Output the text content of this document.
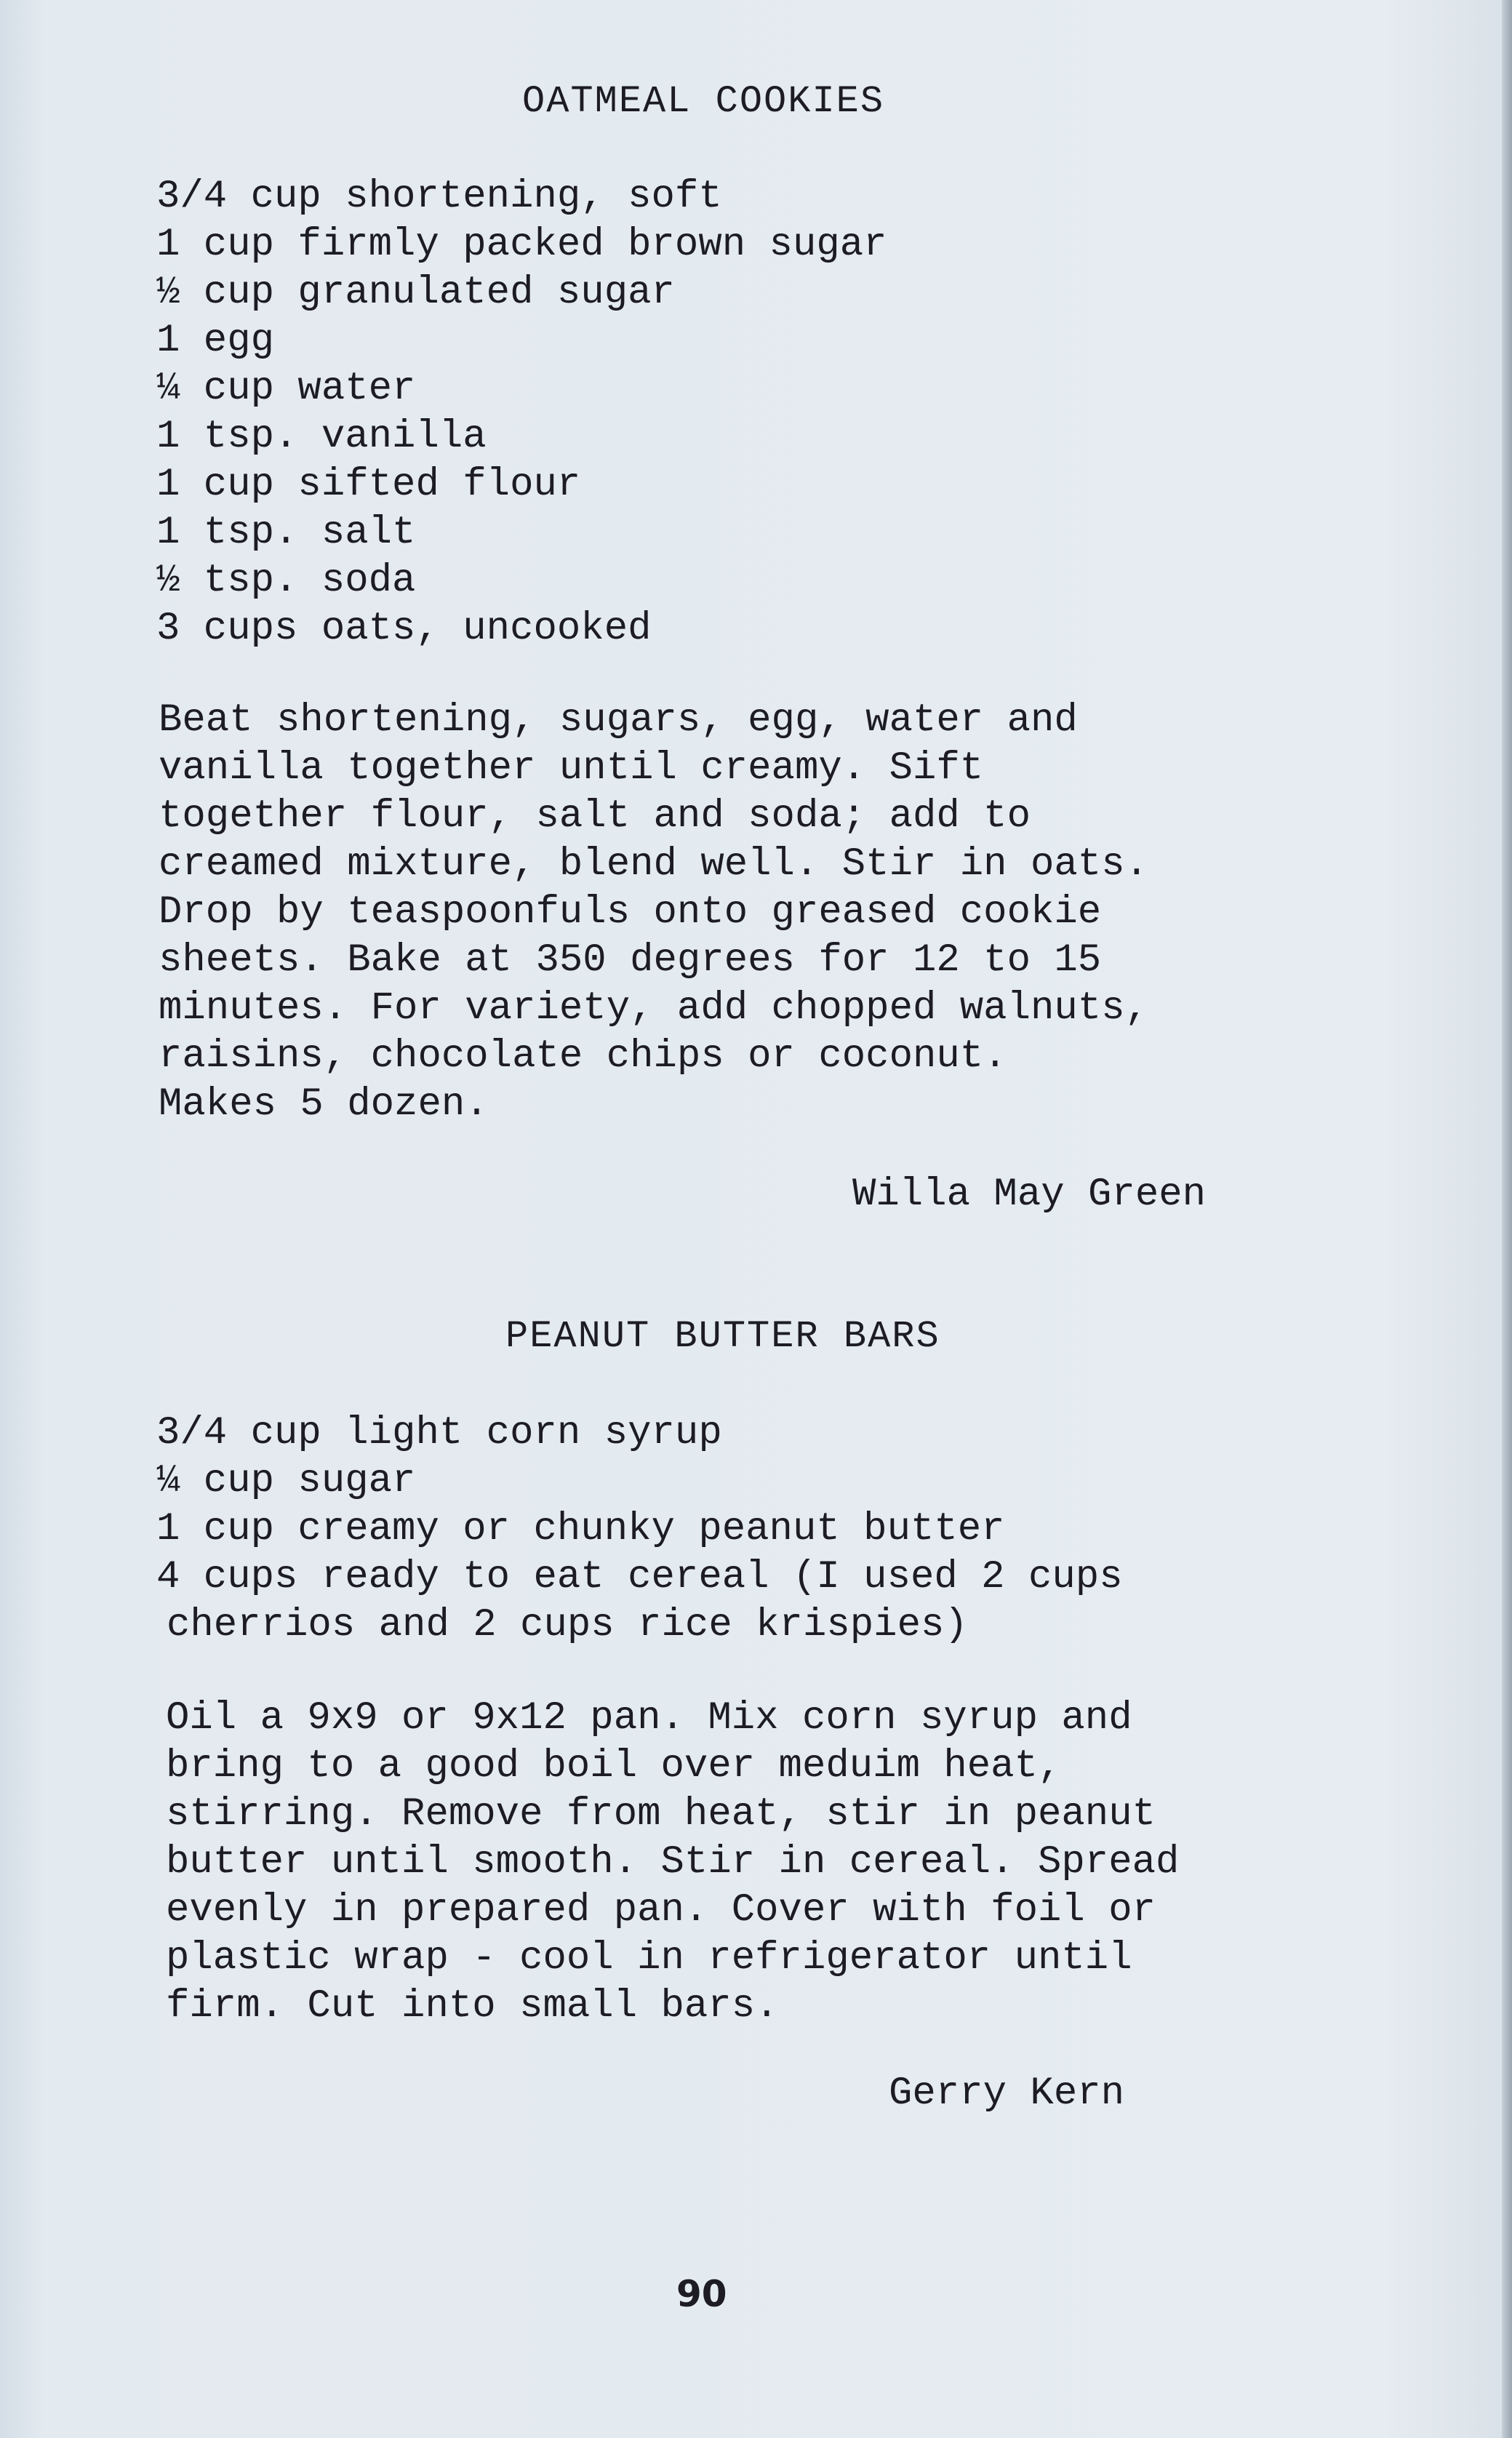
OATMEAL COOKIES
3/4 cup shortening, soft
1 cup firmly packed brown sugar
½ cup granulated sugar
1 egg
¼ cup water
1 tsp. vanilla
1 cup sifted flour
1 tsp. salt
½ tsp. soda
3 cups oats, uncooked

Beat shortening, sugars, egg, water and
vanilla together until creamy. Sift
together flour, salt and soda; add to
creamed mixture, blend well. Stir in oats.
Drop by teaspoonfuls onto greased cookie
sheets. Bake at 350 degrees for 12 to 15
minutes. For variety, add chopped walnuts,
raisins, chocolate chips or coconut.
Makes 5 dozen.

Willa May Green
PEANUT BUTTER BARS
3/4 cup light corn syrup
¼ cup sugar
1 cup creamy or chunky peanut butter
4 cups ready to eat cereal (I used 2 cups
cherrios and 2 cups rice krispies)

Oil a 9x9 or 9x12 pan. Mix corn syrup and
bring to a good boil over meduim heat,
stirring. Remove from heat, stir in peanut
butter until smooth. Stir in cereal. Spread
evenly in prepared pan. Cover with foil or
plastic wrap - cool in refrigerator until
firm. Cut into small bars.

Gerry Kern
90
